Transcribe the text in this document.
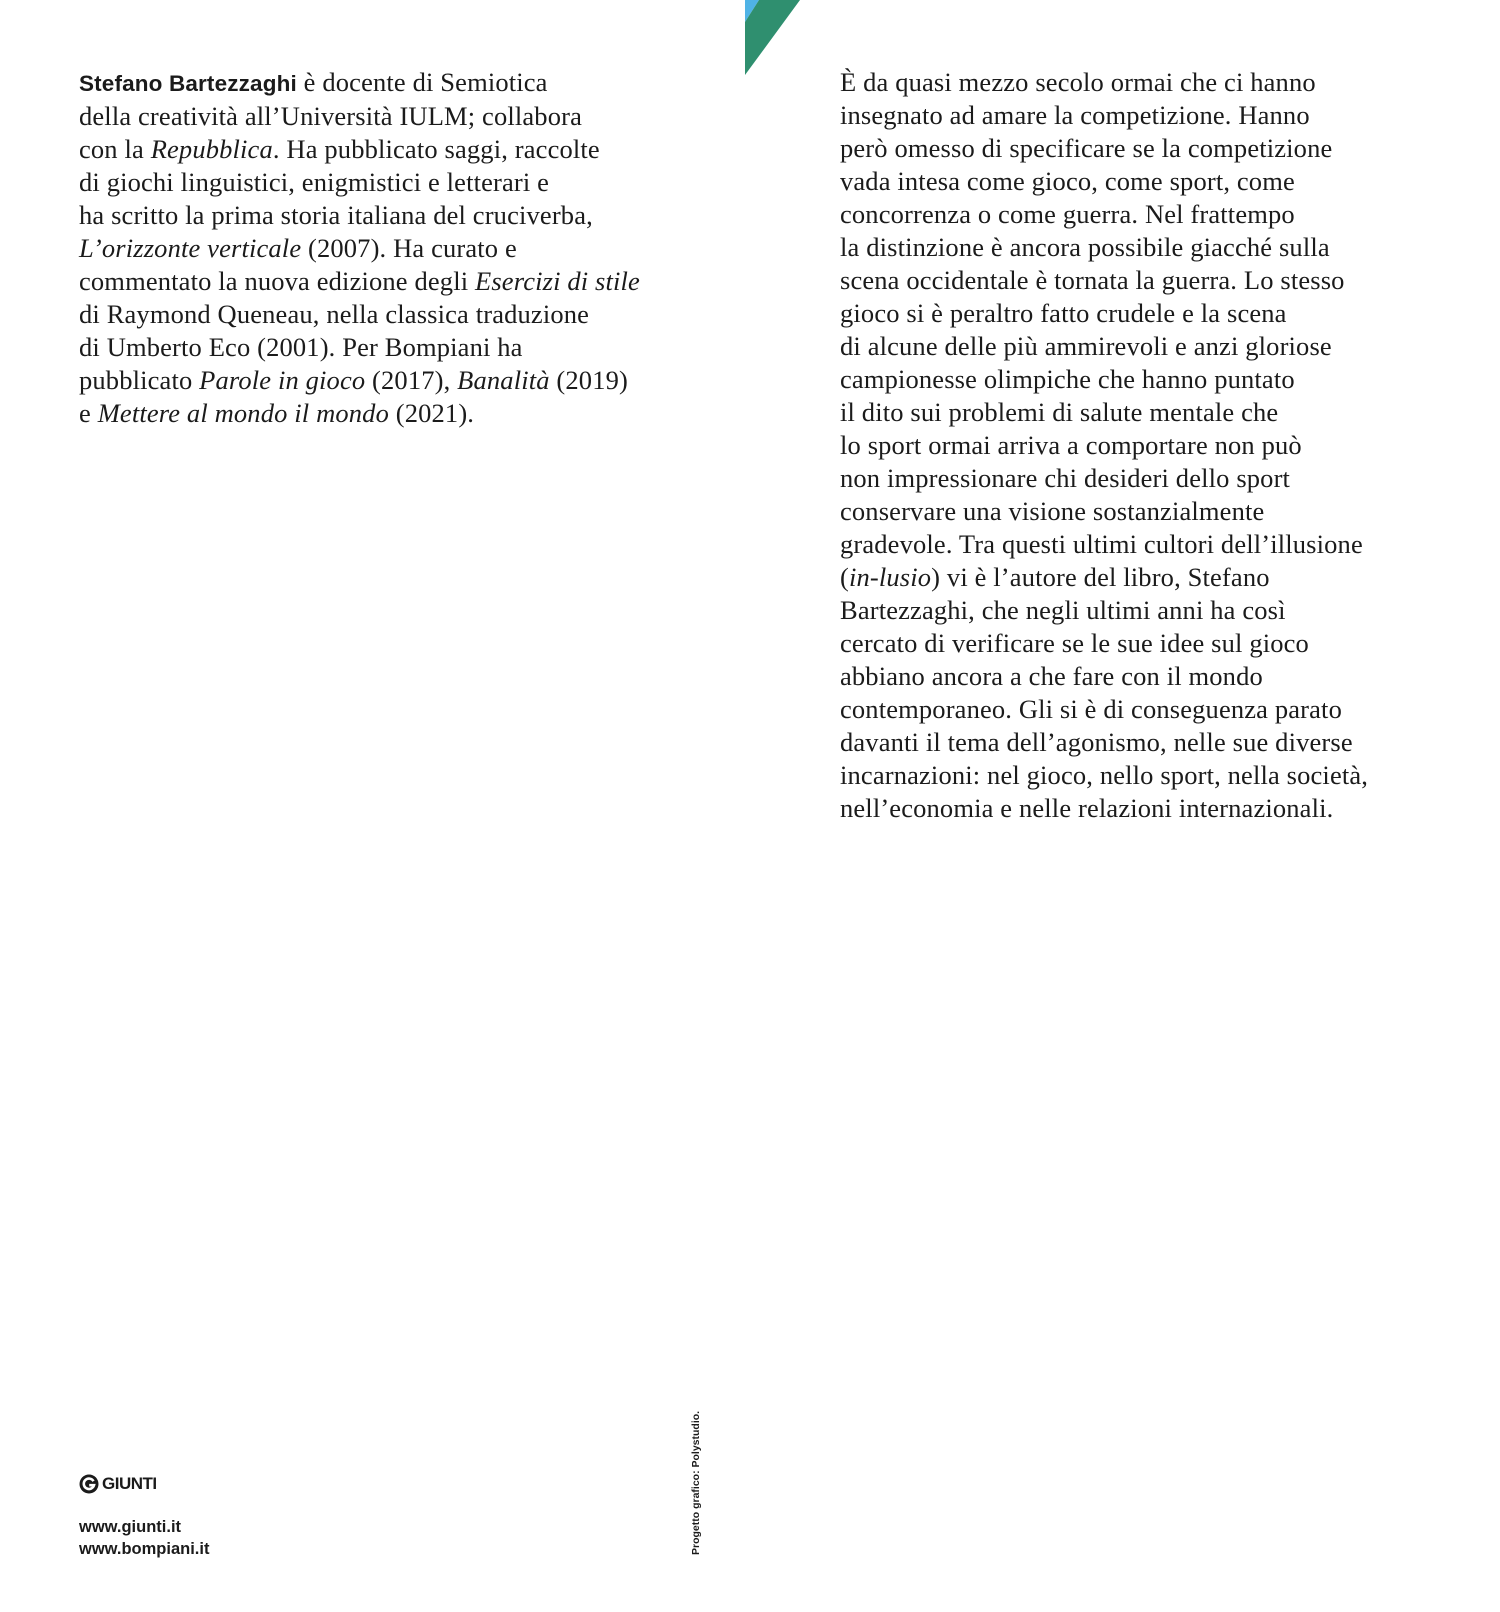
Stefano Bartezzaghi è docente di Semiotica
della creatività all’Università IULM; collabora
con la Repubblica. Ha pubblicato saggi, raccolte
di giochi linguistici, enigmistici e letterari e
ha scritto la prima storia italiana del cruciverba,
L’orizzonte verticale (2007). Ha curato e
commentato la nuova edizione degli Esercizi di stile
di Raymond Queneau, nella classica traduzione
di Umberto Eco (2001). Per Bompiani ha
pubblicato Parole in gioco (2017), Banalità (2019)
e Mettere al mondo il mondo (2021).
È da quasi mezzo secolo ormai che ci hanno
insegnato ad amare la competizione. Hanno
però omesso di specificare se la competizione
vada intesa come gioco, come sport, come
concorrenza o come guerra. Nel frattempo
la distinzione è ancora possibile giacché sulla
scena occidentale è tornata la guerra. Lo stesso
gioco si è peraltro fatto crudele e la scena
di alcune delle più ammirevoli e anzi gloriose
campionesse olimpiche che hanno puntato
il dito sui problemi di salute mentale che
lo sport ormai arriva a comportare non può
non impressionare chi desideri dello sport
conservare una visione sostanzialmente
gradevole. Tra questi ultimi cultori dell’illusione
(in-lusio) vi è l’autore del libro, Stefano
Bartezzaghi, che negli ultimi anni ha così
cercato di verificare se le sue idee sul gioco
abbiano ancora a che fare con il mondo
contemporaneo. Gli si è di conseguenza parato
davanti il tema dell’agonismo, nelle sue diverse
incarnazioni: nel gioco, nello sport, nella società,
nell’economia e nelle relazioni internazionali.
Progetto grafico: Polystudio.
GIUNTI
www.giunti.it
www.bompiani.it
